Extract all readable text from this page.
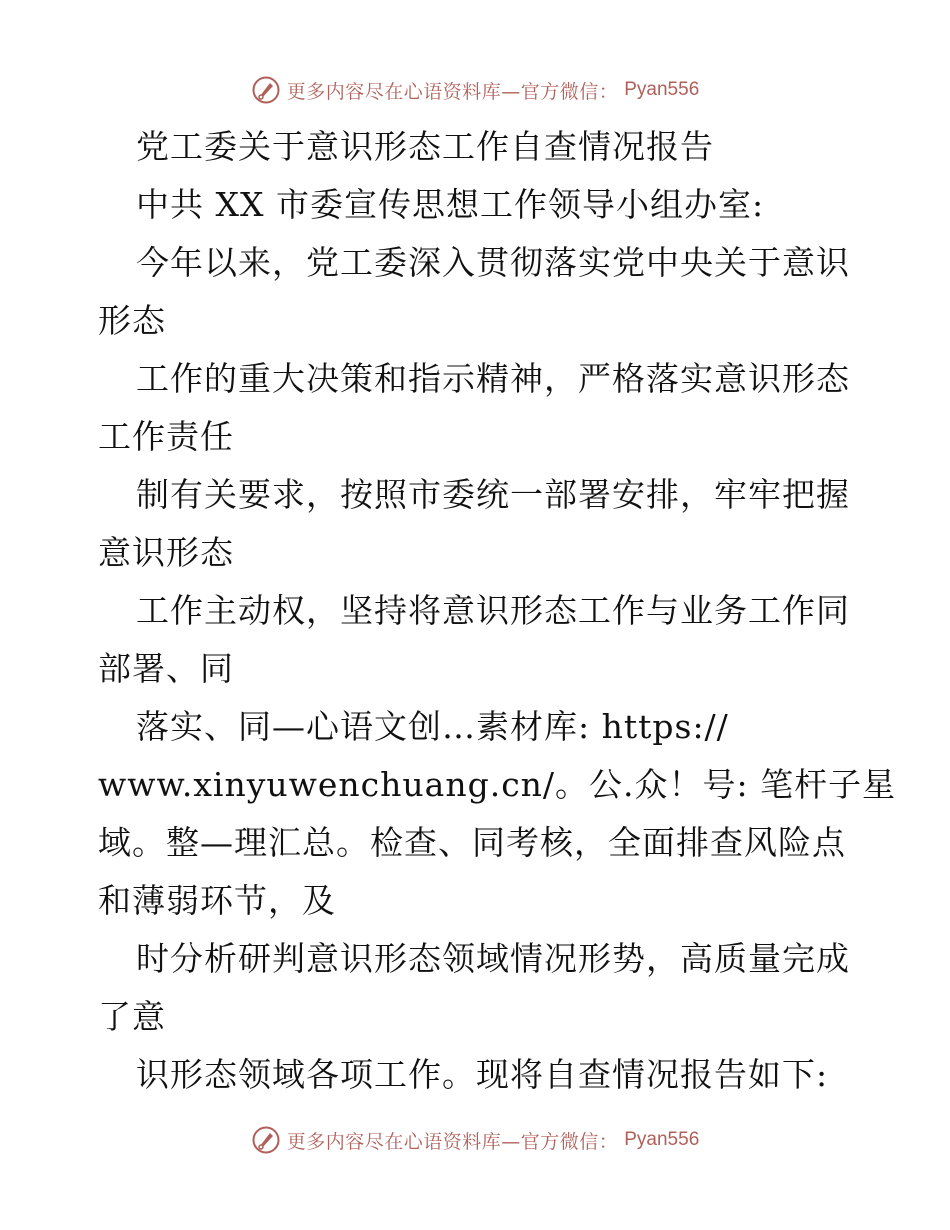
更多内容尽在心语资料库—官方微信： Pyan556
党工委关于意识形态工作自查情况报告
中共 XX 市委宣传思想工作领导小组办室:
今年以来，党工委深入贯彻落实党中央关于意识
形态
工作的重大决策和指示精神，严格落实意识形态
工作责任
制有关要求，按照市委统一部署安排，牢牢把握
意识形态
工作主动权，坚持将意识形态工作与业务工作同
部署、同
落实、同—心语文创…素材库: https://
www.xinyuwenchuang.cn/。公.众！号: 笔杆子星
域。整—理汇总。检查、同考核，全面排查风险点
和薄弱环节，及
时分析研判意识形态领域情况形势，高质量完成
了意
识形态领域各项工作。现将自查情况报告如下:
更多内容尽在心语资料库—官方微信： Pyan556
